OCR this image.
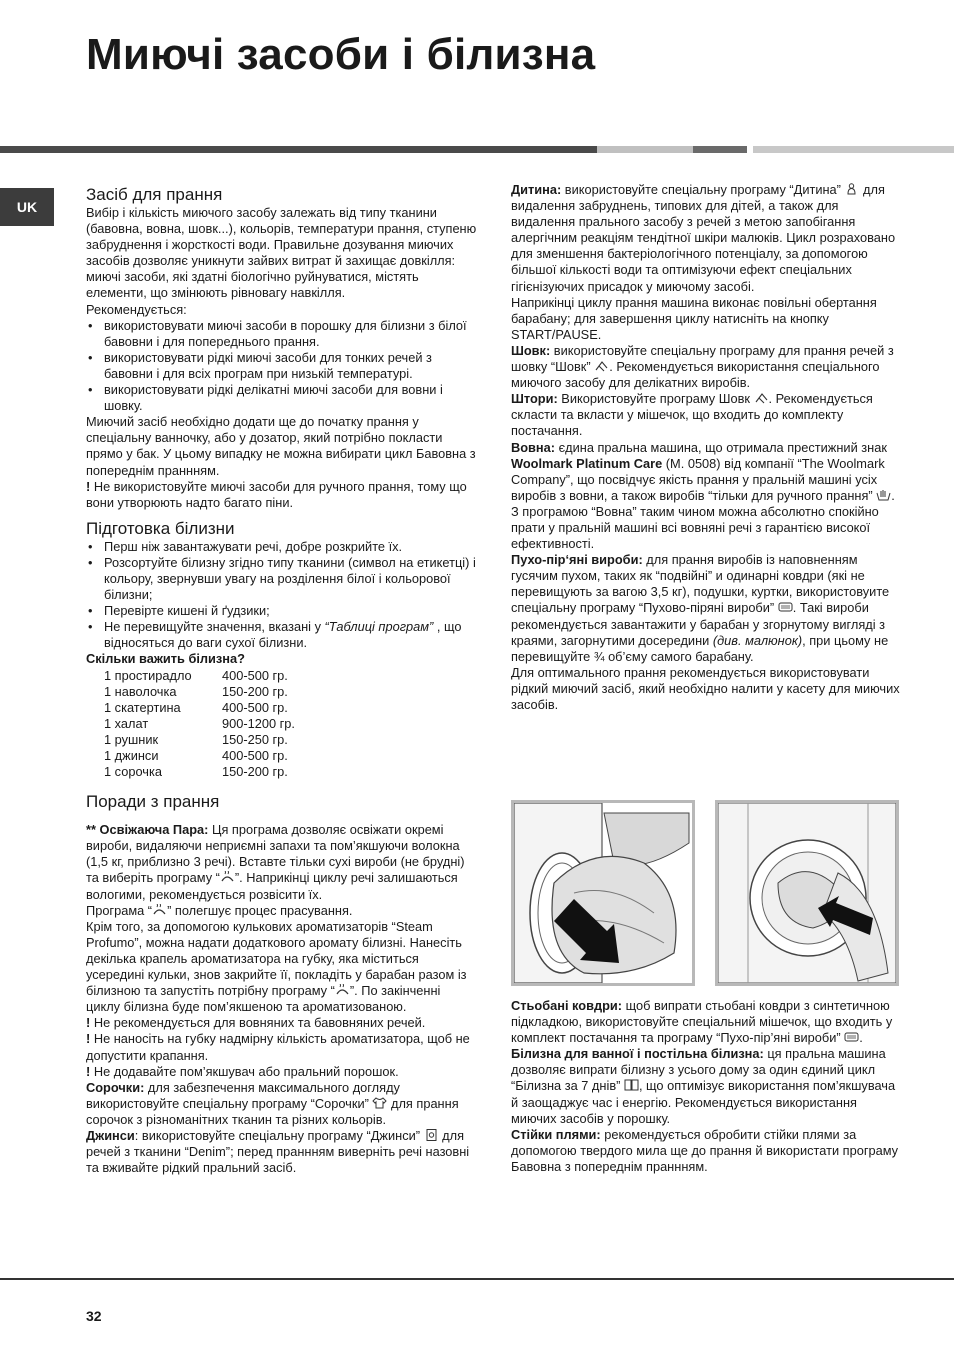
Миючі засоби і білизна
UK
Засіб для прання

Вибір і кількість миючого засобу залежать від типу тканини (бавовна, вовна, шовк...), кольорів, температури прання, ступеню забруднення і жорсткості води. Правильне дозування миючих засобів дозволяє уникнути зайвих витрат й захищає довкілля: миючі засоби, які здатні біологічно руйнуватися, містять елементи, що змінюють рівновагу навкілля.

Рекомендується:

• використовувати миючі засоби в порошку для білизни з білої бавовни і для попереднього прання.
• використовувати рідкі миючі засоби для тонких речей з бавовни і для всіх програм при низькій температурі.
• використовувати рідкі делікатні миючі засоби для вовни і шовку.

Миючий засіб необхідно додати ще до початку прання у спеціальну ванночку, або у дозатор, який потрібно покласти прямо у бак. У цьому випадку не можна вибирати цикл Бавовна з попереднім праннням.

! Не використовуйте миючі засоби для ручного прання, тому що вони утворюють надто багато піни.

Підготовка білизни
• Перш ніж завантажувати речі, добре розкрийте їх.
• Розсортуйте білизну згідно типу тканини (символ на етикетці) і кольору, звернувши увагу на розділення білої і кольорової білизни;
• Перевірте кишені й ґудзики;
• Не перевищуйте значення, вказані у “Таблиці програм” , що відносяться до ваги сухої білизни.

Скільки важить білизна?

1 простирадло	400-500 гр.
1 наволочка	150-200 гр.
1 скатертина	400-500 гр.
1 халат	900-1200 гр.
1 рушник	150-250 гр.
1 джинси	400-500 гр.
1 сорочка	150-200 гр.
Поради з прання

** Освіжаюча Пара: Ця програма дозволяє освіжати окремі вироби, видаляючи неприємні запахи та пом’якшуючи волокна (1,5 кг, приблизно 3 речі). Вставте тільки сухі вироби (не брудні) та виберіть програму “ ”. Наприкінці циклу речі залишаються вологими, рекомендується розвісити їх.

Програма “ ” полегшує процес прасування.

Крім того, за допомогою кулькових ароматизаторів “Steam Profumo”, можна надати додаткового аромату білизні. Нанесіть декілька крапель ароматизатора на губку, яка міститься усередині кульки, знов закрийте її, покладіть у барабан разом із білизною та запустіть потрібну програму “ ”. По закінченні циклу білизна буде пом’якшеною та ароматизованою.

! Не рекомендується для вовняних та бавовняних речей.

! Не наносіть на губку надмірну кількість ароматизатора, щоб не допустити крапання.

! Не додавайте пом’якшувач або пральний порошок.

Сорочки: для забезпечення максимального догляду використовуйте спеціальну програму “Сорочки”  для прання сорочок з різноманітних тканин та різних кольорів.

Джинси: використовуйте спеціальну програму “Джинси”  для речей з тканини “Denim”; перед праннням виверніть речі назовні та вживайте рідкий пральний засіб.

Дитина: використовуйте спеціальну програму “Дитина”  для видалення забруднень, типових для дітей, а також для видалення прального засобу з речей з метою запобігання алергічним реакціям тендітної шкіри малюків. Цикл розраховано для зменшення бактеріологічного потенціалу, за допомогою більшої кількості води та оптимізуючи ефект спеціальних гігієнізуючих присадок у миючому засобі.

Наприкінці циклу прання машина виконає повільні обертання барабану; для завершення циклу натисніть на кнопку START/PAUSE.

Шовк: використовуйте спеціальну програму для прання речей з шовку “Шовк” . Рекомендується використання спеціального миючого засобу для делікатних виробів.

Штори: Використовуйте програму Шовк . Рекомендується скласти та вкласти у мішечок, що входить до комплекту постачання.

Вовна: єдина пральна машина, що отримала престижний знак Woolmark Platinum Care (M. 0508) від компанії “The Woolmark Company”, що посвідчує якість прання у пральній машині усіх виробів з вовни, а також виробів “тільки для ручного прання” . З програмою “Вовна” таким чином можна абсолютно спокійно прати у пральній машині всі вовняні речі з гарантією високої ефективності.

Пухо-пір‘яні вироби: для прання виробів із наповненням гусячим пухом, таких як “подвійні” и одинарні ковдри (які не перевищують за вагою 3,5 кг), подушки, куртки, використовуите спеціальну програму “Пухово-піряні вироби” . Такі вироби рекомендується завантажити у барабан у згорнутому вигляді з краями, загорнутими досередини (див. малюнок), при цьому не перевищуйте ¾ об’єму самого барабану.

Для оптимального прання рекомендується використовувати рідкий миючий засіб, який необхідно налити у касету для миючих засобів.

Стьобані ковдри: щоб випрати стьобані ковдри з синтетичною підкладкою, використовуйте спеціальний мішечок, що входить у комплект постачання та програму “Пухо-пір’яні вироби” .

Білизна для ванної і постільна білизна: ця пральна машина дозволяє випрати білизну з усього дому за один єдиний цикл “Білизна за 7 днів” , що оптимізує використання пом’якшувача й заощаджує час і енергію. Рекомендується використання миючих засобів у порошку.

Стійки плями: рекомендується обробити стійки плями за допомогою твердого мила ще до прання й використати програму Бавовна з попереднім праннням.

32
